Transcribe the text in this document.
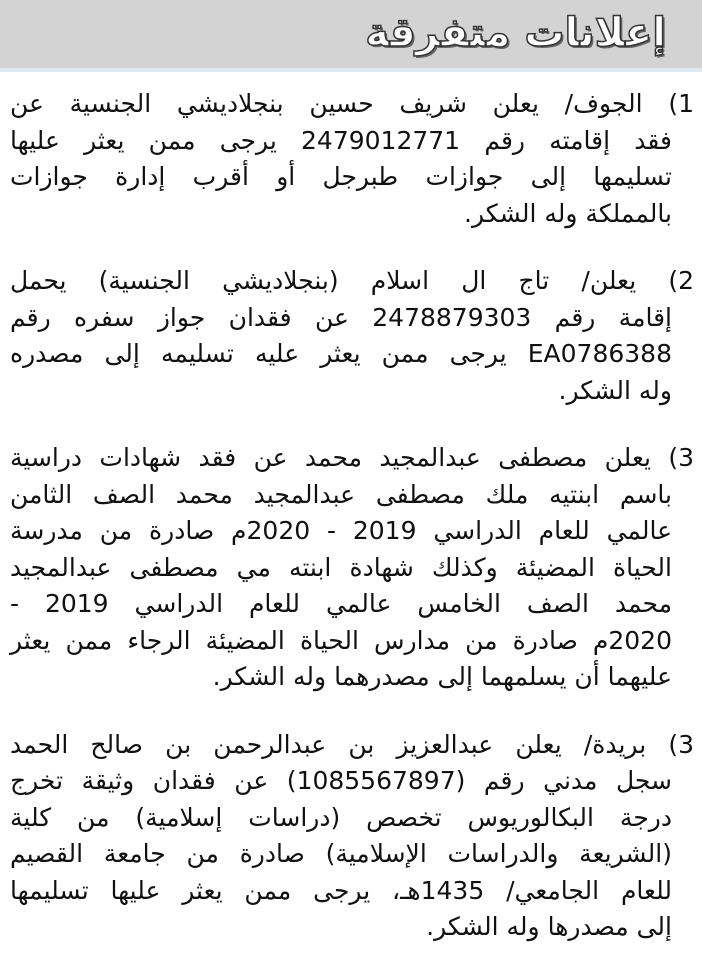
إعلانات متفرقة
1) الجوف/ يعلن شريف حسين بنجلاديشي الجنسية عن
فقد إقامته رقم 2479012771 يرجى ممن يعثر عليها
تسليمها إلى جوازات طبرجل أو أقرب إدارة جوازات
بالمملكة وله الشكر.
2) يعلن/ تاج ال اسلام (بنجلاديشي الجنسية) يحمل
إقامة رقم 2478879303 عن فقدان جواز سفره رقم
EA0786388 يرجى ممن يعثر عليه تسليمه إلى مصدره
وله الشكر.
3) يعلن مصطفى عبدالمجيد محمد عن فقد شهادات دراسية
باسم ابنتيه ملك مصطفى عبدالمجيد محمد الصف الثامن
عالمي للعام الدراسي 2019 - 2020م صادرة من مدرسة
الحياة المضيئة وكذلك شهادة ابنته مي مصطفى عبدالمجيد
محمد الصف الخامس عالمي للعام الدراسي 2019 -
2020م صادرة من مدارس الحياة المضيئة الرجاء ممن يعثر
عليهما أن يسلمهما إلى مصدرهما وله الشكر.
3) بريدة/ يعلن عبدالعزيز بن عبدالرحمن بن صالح الحمد
سجل مدني رقم (1085567897) عن فقدان وثيقة تخرج
درجة البكالوريوس تخصص (دراسات إسلامية) من كلية
(الشريعة والدراسات الإسلامية) صادرة من جامعة القصيم
للعام الجامعي/ 1435هـ، يرجى ممن يعثر عليها تسليمها
إلى مصدرها وله الشكر.
